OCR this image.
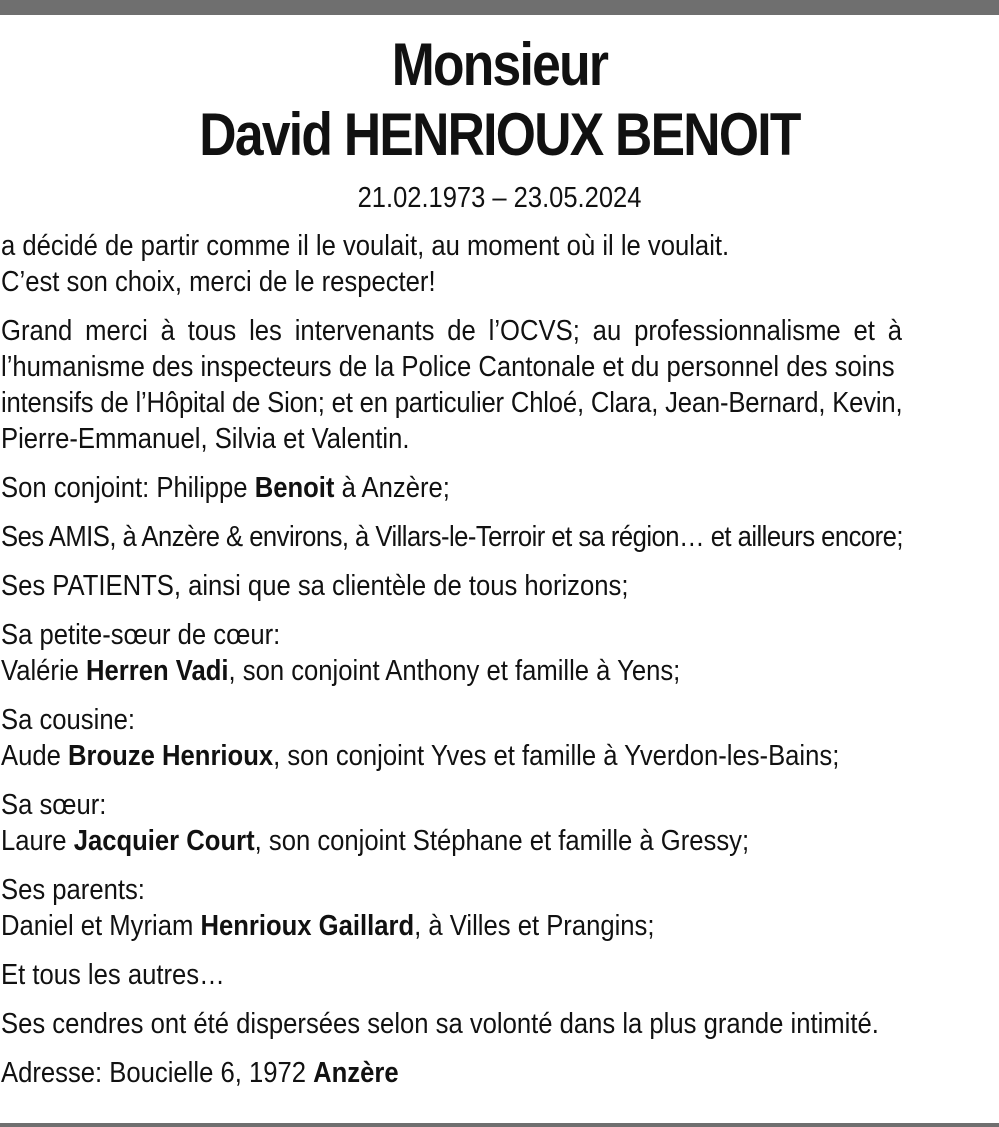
Monsieur
David HENRIOUX BENOIT
21.02.1973 – 23.05.2024
a décidé de partir comme il le voulait, au moment où il le voulait.
C’est son choix, merci de le respecter!
Grand merci à tous les intervenants de l’OCVS; au professionnalisme et à
l’humanisme des inspecteurs de la Police Cantonale et du personnel des soins
intensifs de l’Hôpital de Sion; et en particulier Chloé, Clara, Jean-Bernard, Kevin,
Pierre-Emmanuel, Silvia et Valentin.
Son conjoint: Philippe Benoit à Anzère;
Ses AMIS, à Anzère & environs, à Villars-le-Terroir et sa région… et ailleurs encore;
Ses PATIENTS, ainsi que sa clientèle de tous horizons;
Sa petite-sœur de cœur:
Valérie Herren Vadi, son conjoint Anthony et famille à Yens;
Sa cousine:
Aude Brouze Henrioux, son conjoint Yves et famille à Yverdon-les-Bains;
Sa sœur:
Laure Jacquier Court, son conjoint Stéphane et famille à Gressy;
Ses parents:
Daniel et Myriam Henrioux Gaillard, à Villes et Prangins;
Et tous les autres…
Ses cendres ont été dispersées selon sa volonté dans la plus grande intimité.
Adresse: Boucielle 6, 1972 Anzère
